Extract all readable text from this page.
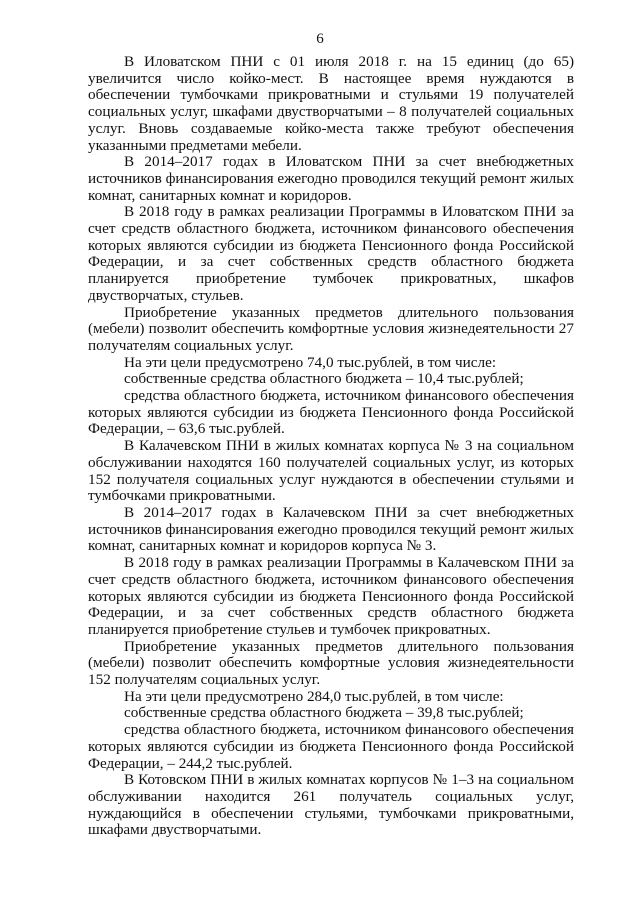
6

В Иловатском ПНИ с 01 июля 2018 г. на 15 единиц (до 65) увеличится число койко-мест. В настоящее время нуждаются в обеспечении тумбочками прикроватными и стульями 19 получателей социальных услуг, шкафами двустворчатыми – 8 получателей социальных услуг. Вновь создаваемые койко-места также требуют обеспечения указанными предметами мебели.

В 2014–2017 годах в Иловатском ПНИ за счет внебюджетных источников финансирования ежегодно проводился текущий ремонт жилых комнат, санитарных комнат и коридоров.

В 2018 году в рамках реализации Программы в Иловатском ПНИ за счет средств областного бюджета, источником финансового обеспечения которых являются субсидии из бюджета Пенсионного фонда Российской Федерации, и за счет собственных средств областного бюджета планируется приобретение тумбочек прикроватных, шкафов двустворчатых, стульев.

Приобретение указанных предметов длительного пользования (мебели) позволит обеспечить комфортные условия жизнедеятельности 27 получателям социальных услуг.

На эти цели предусмотрено 74,0 тыс.рублей, в том числе:

собственные средства областного бюджета – 10,4 тыс.рублей;

средства областного бюджета, источником финансового обеспечения которых являются субсидии из бюджета Пенсионного фонда Российской Федерации, – 63,6 тыс.рублей.

В Калачевском ПНИ в жилых комнатах корпуса № 3 на социальном обслуживании находятся 160 получателей социальных услуг, из которых 152 получателя социальных услуг нуждаются в обеспечении стульями и тумбочками прикроватными.

В 2014–2017 годах в Калачевском ПНИ за счет внебюджетных источников финансирования ежегодно проводился текущий ремонт жилых комнат, санитарных комнат и коридоров корпуса № 3.

В 2018 году в рамках реализации Программы в Калачевском ПНИ за счет средств областного бюджета, источником финансового обеспечения которых являются субсидии из бюджета Пенсионного фонда Российской Федерации, и за счет собственных средств областного бюджета планируется приобретение стульев и тумбочек прикроватных.

Приобретение указанных предметов длительного пользования (мебели) позволит обеспечить комфортные условия жизнедеятельности 152 получателям социальных услуг.

На эти цели предусмотрено 284,0 тыс.рублей, в том числе:

собственные средства областного бюджета – 39,8 тыс.рублей;

средства областного бюджета, источником финансового обеспечения которых являются субсидии из бюджета Пенсионного фонда Российской Федерации, – 244,2 тыс.рублей.

В Котовском ПНИ в жилых комнатах корпусов № 1–3 на социальном обслуживании находится 261 получатель социальных услуг, нуждающийся в обеспечении стульями, тумбочками прикроватными, шкафами двустворчатыми.
